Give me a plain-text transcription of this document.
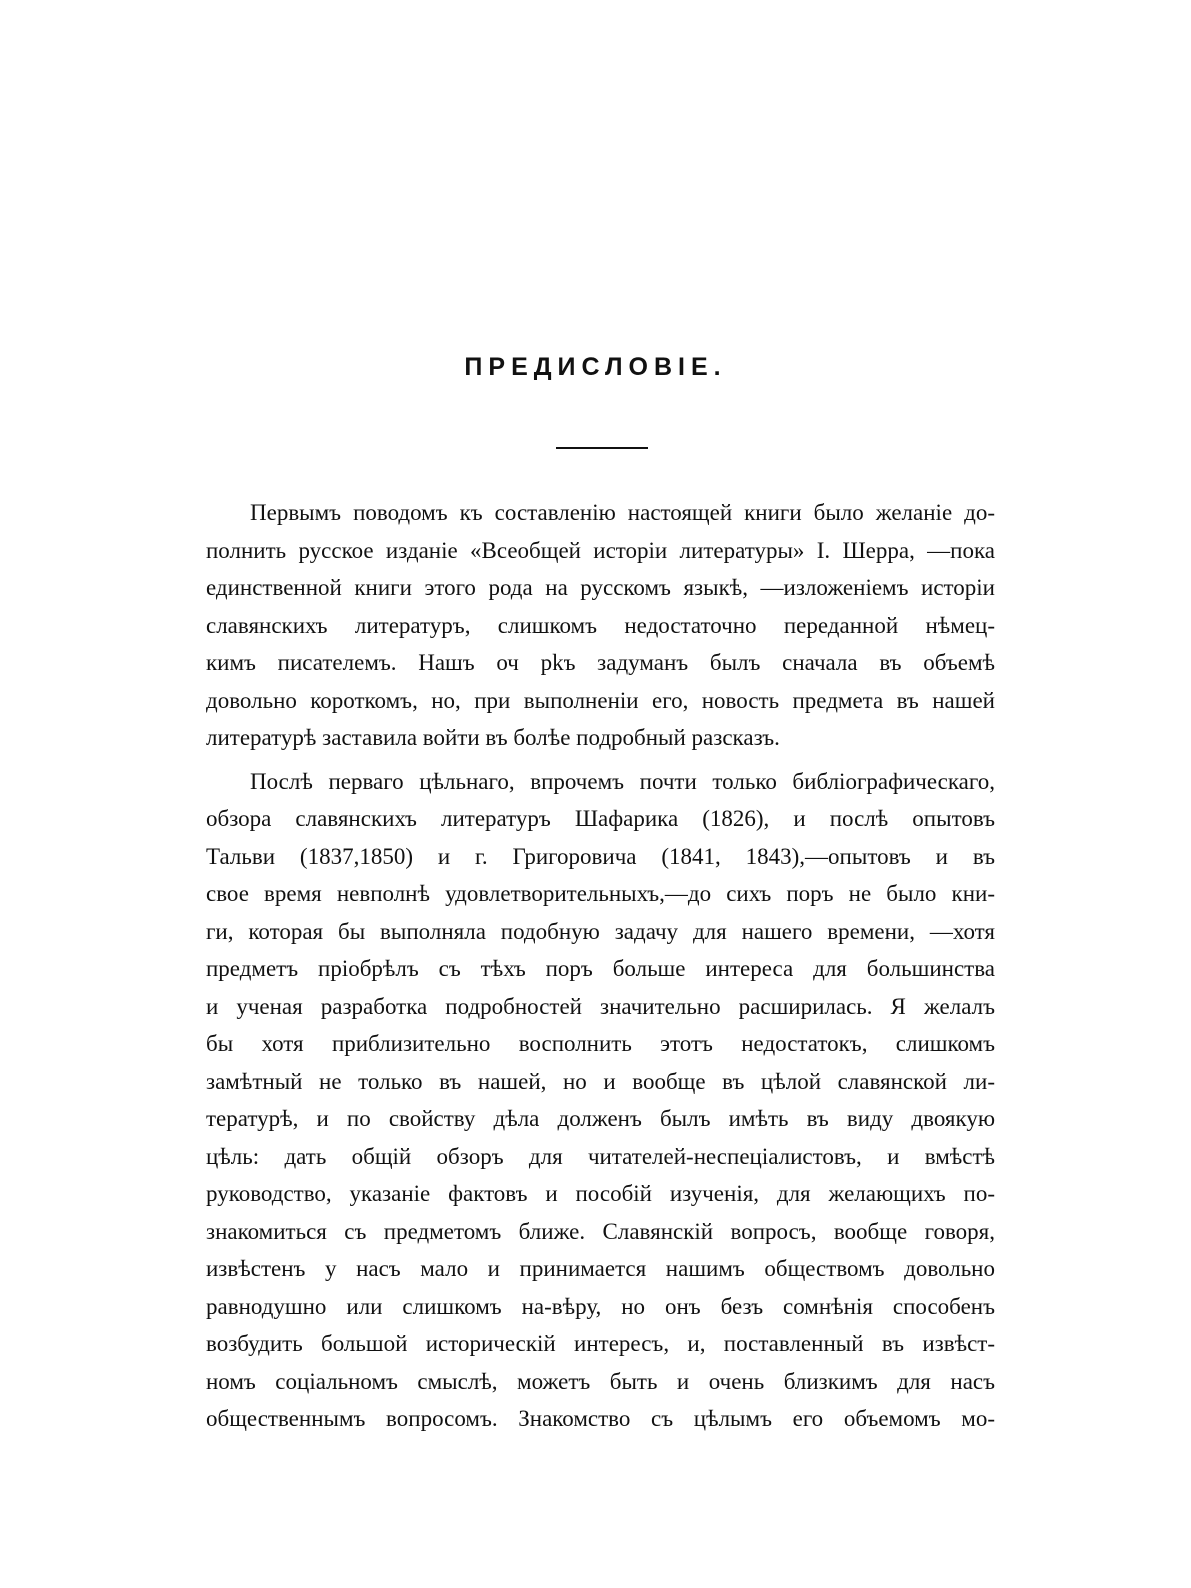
ПРЕДИСЛОВІЕ.
Первымъ поводомъ къ составленію настоящей книги было желаніе до-
полнить русское изданіе «Всеобщей исторіи литературы» І. Шерра, —пока
единственной книги этого рода на русскомъ языкѣ, —изложеніемъ исторіи
славянскихъ литературъ, слишкомъ недостаточно переданной нѣмец-
кимъ писателемъ. Нашъ оч рkъ задуманъ былъ сначала въ объемѣ
довольно короткомъ, но, при выполненіи его, новость предмета въ нашей
литературѣ заставила войти въ болѣе подробный разсказъ.
Послѣ перваго цѣльнаго, впрочемъ почти только библіографическаго,
обзора славянскихъ литературъ Шафарика (1826), и послѣ опытовъ
Тальви (1837,1850) и г. Григоровича (1841, 1843),—опытовъ и въ
свое время невполнѣ удовлетворительныхъ,—до сихъ поръ не было кни-
ги, которая бы выполняла подобную задачу для нашего времени, —хотя
предметъ пріобрѣлъ съ тѣхъ поръ больше интереса для большинства
и ученая разработка подробностей значительно расширилась. Я желалъ
бы хотя приблизительно восполнить этотъ недостатокъ, слишкомъ
замѣтный не только въ нашей, но и вообще въ цѣлой славянской ли-
тературѣ, и по свойству дѣла долженъ былъ имѣть въ виду двоякую
цѣль: дать общій обзоръ для читателей-неспеціалистовъ, и вмѣстѣ
руководство, указаніе фактовъ и пособій изученія, для желающихъ по-
знакомиться съ предметомъ ближе. Славянскій вопросъ, вообще говоря,
извѣстенъ у насъ мало и принимается нашимъ обществомъ довольно
равнодушно или слишкомъ на-вѣру, но онъ безъ сомнѣнія способенъ
возбудить большой историческій интересъ, и, поставленный въ извѣст-
номъ соціальномъ смыслѣ, можетъ быть и очень близкимъ для насъ
общественнымъ вопросомъ. Знакомство съ цѣлымъ его объемомъ мо-
